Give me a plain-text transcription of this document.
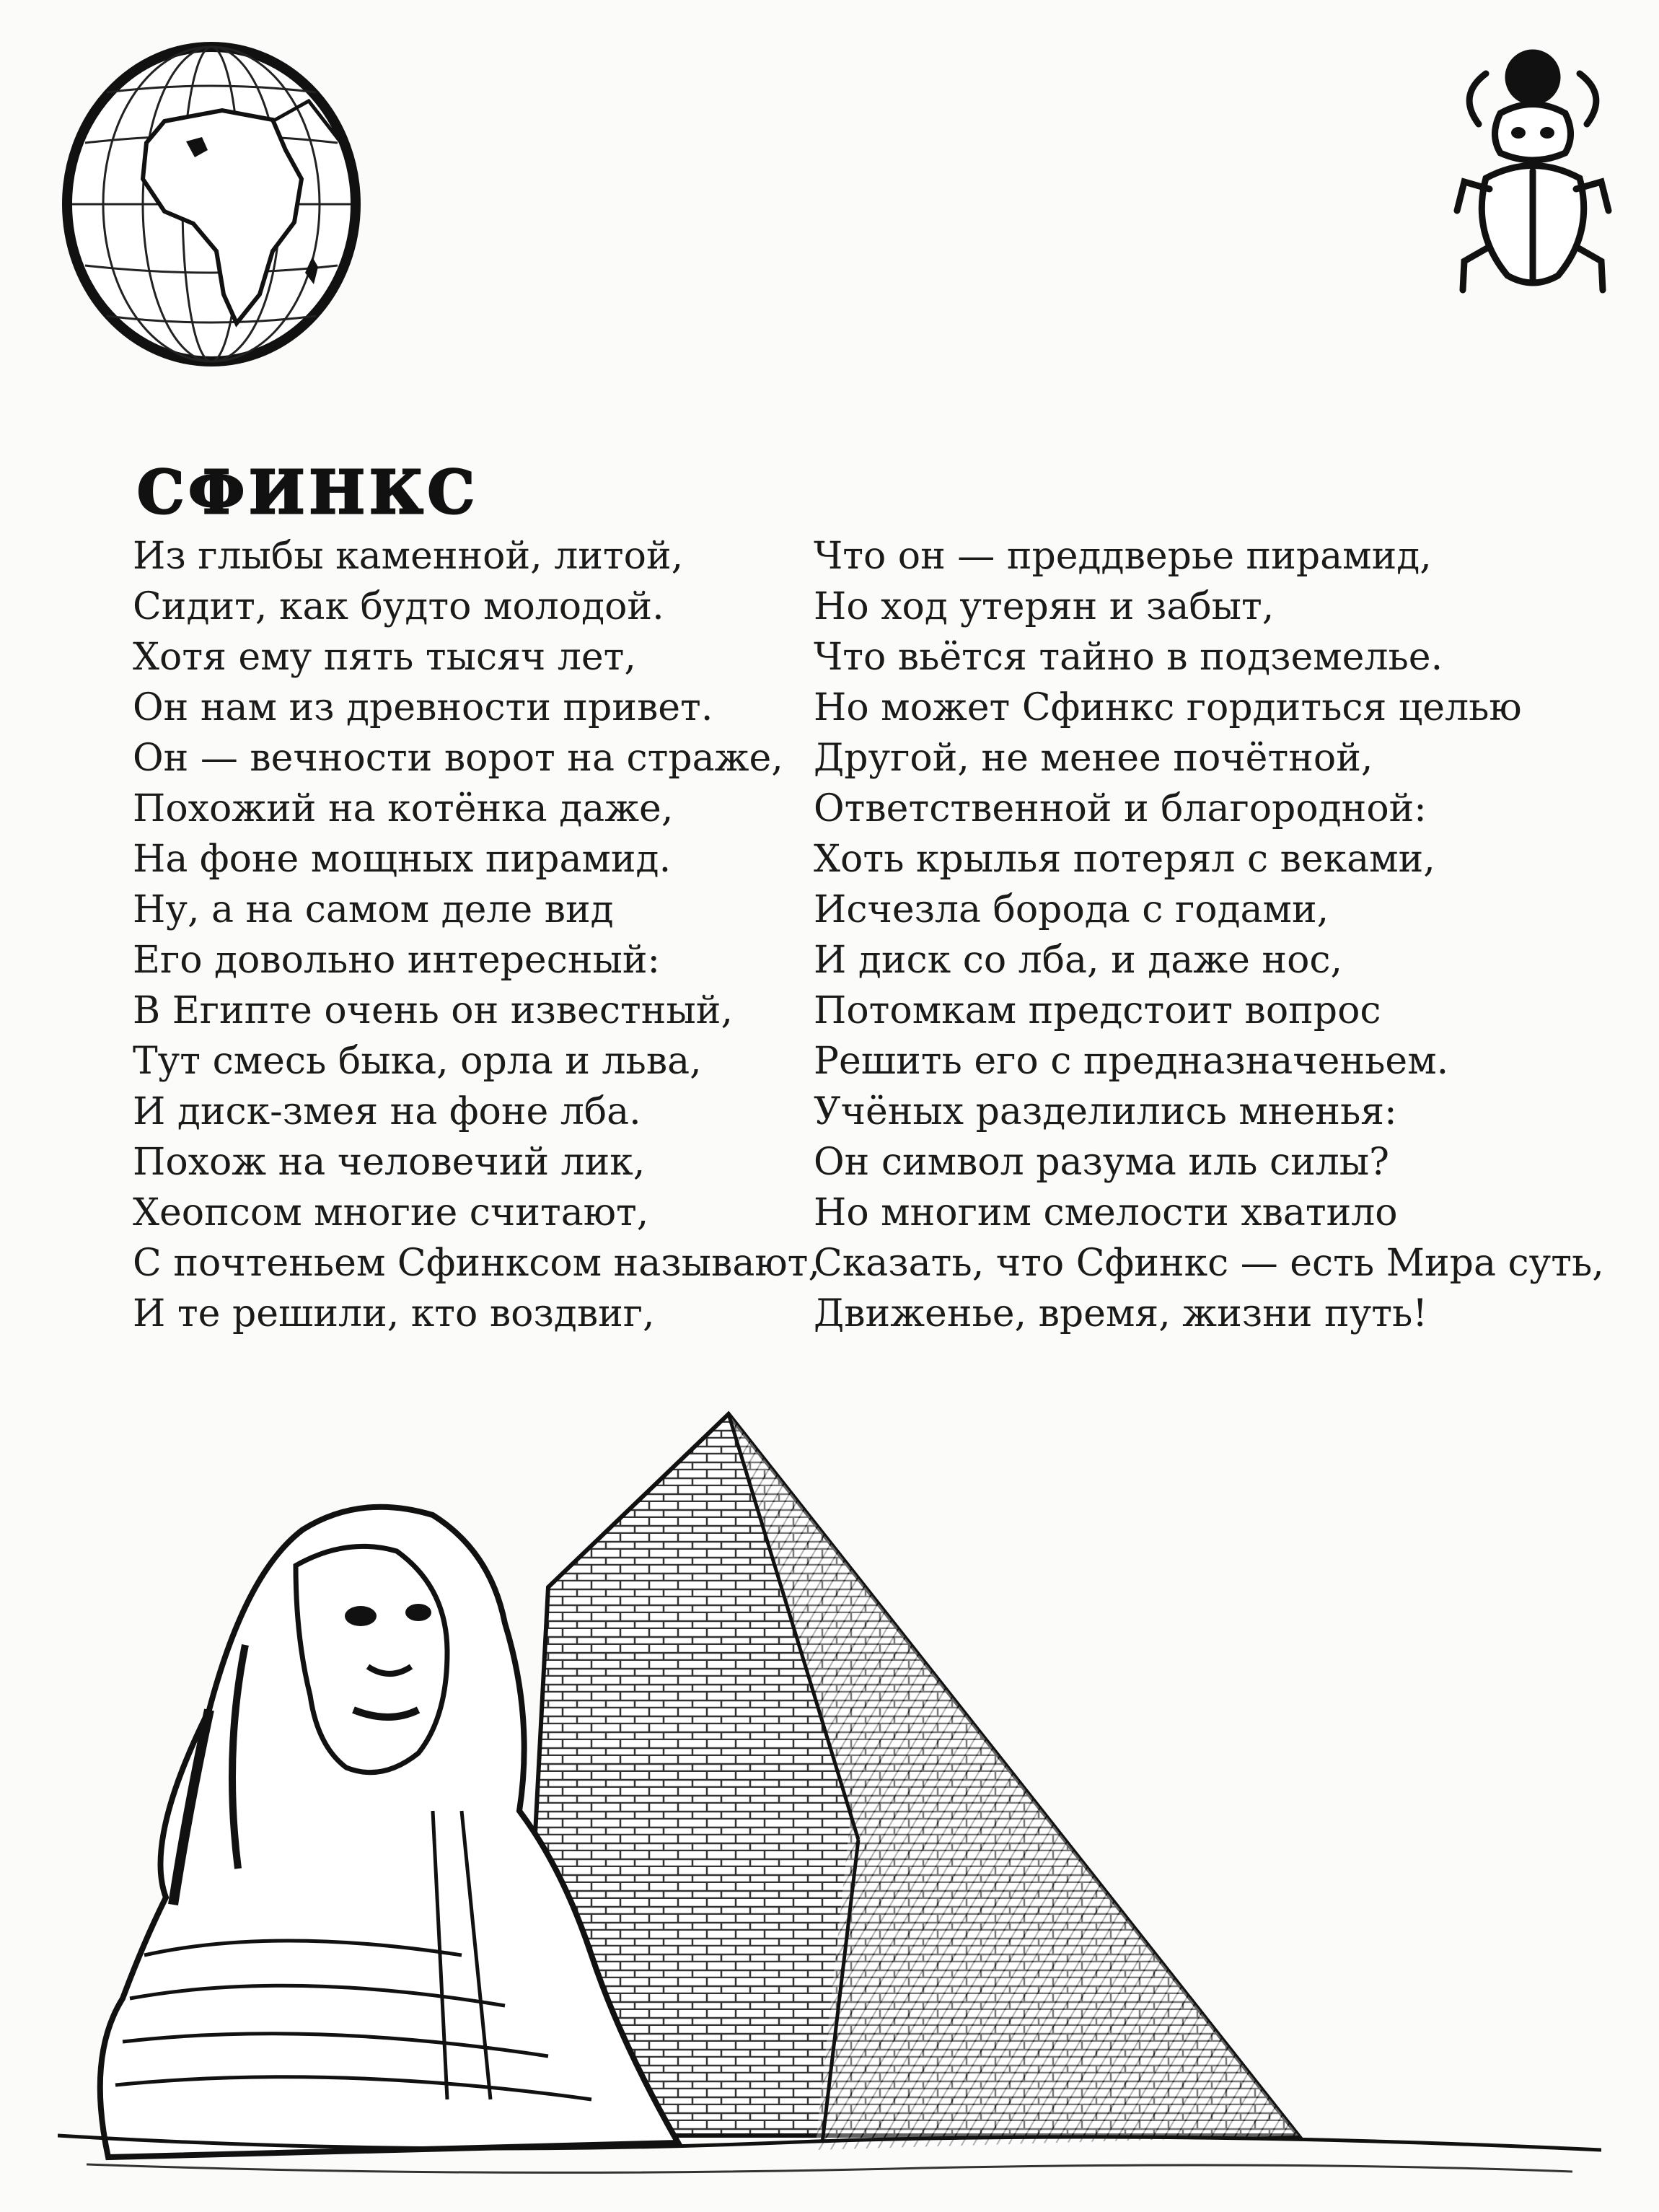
СФИНКС
Из глыбы каменной, литой,
Сидит, как будто молодой.
Хотя ему пять тысяч лет,
Он нам из древности привет.
Он — вечности ворот на страже,
Похожий на котёнка даже,
На фоне мощных пирамид.
Ну, а на самом деле вид
Его довольно интересный:
В Египте очень он известный,
Тут смесь быка, орла и льва,
И диск-змея на фоне лба.
Похож на человечий лик,
Хеопсом многие считают,
С почтеньем Сфинксом называют,
И те решили, кто воздвиг,
Что он — преддверье пирамид,
Но ход утерян и забыт,
Что вьётся тайно в подземелье.
Но может Сфинкс гордиться целью
Другой, не менее почётной,
Ответственной и благородной:
Хоть крылья потерял с веками,
Исчезла борода с годами,
И диск со лба, и даже нос,
Потомкам предстоит вопрос
Решить его с предназначеньем.
Учёных разделились мненья:
Он символ разума иль силы?
Но многим смелости хватило
Сказать, что Сфинкс — есть Мира суть,
Движенье, время, жизни путь!
